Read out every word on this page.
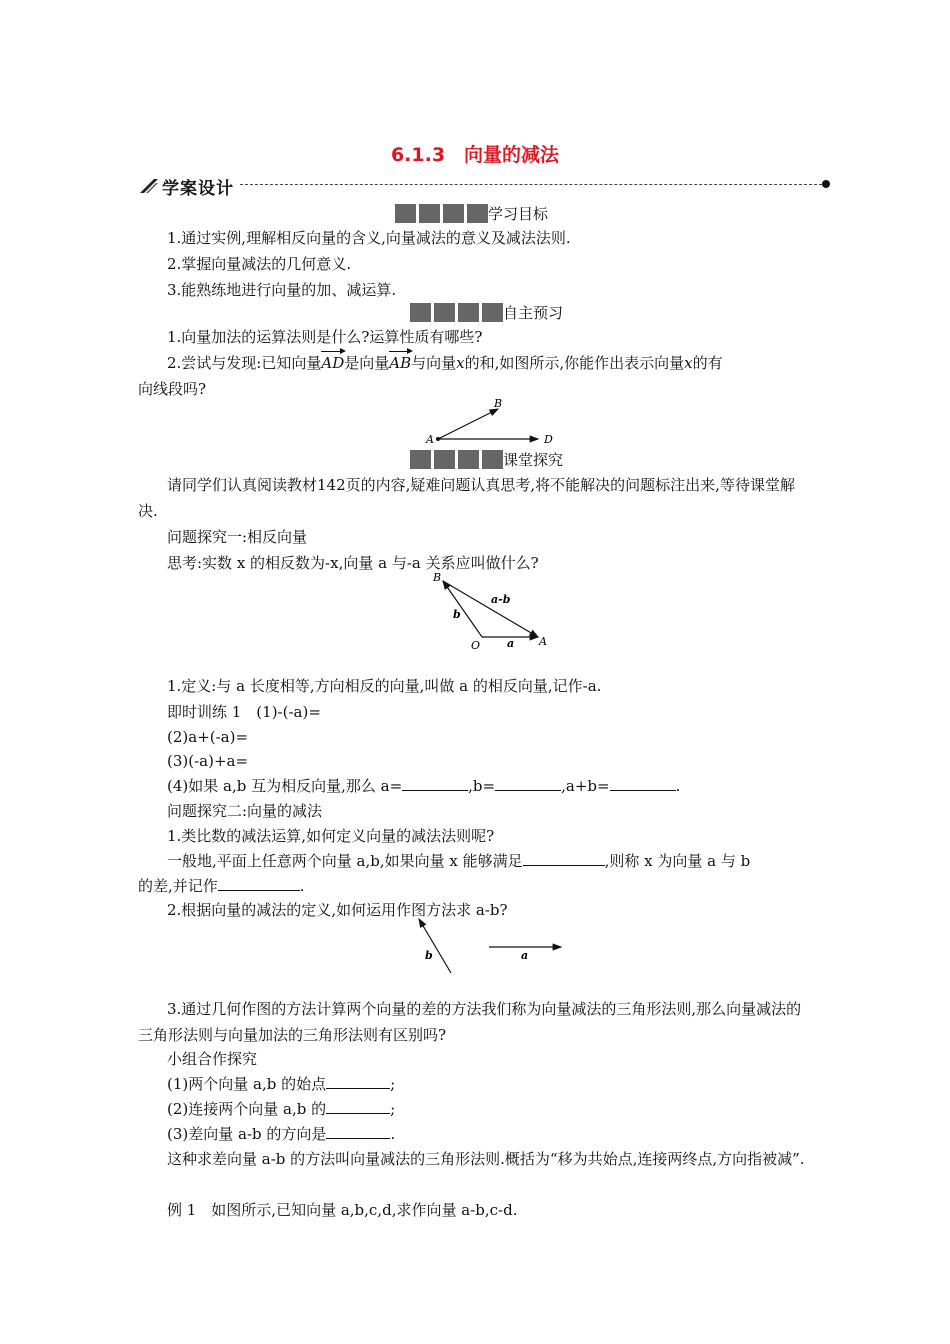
6.1.3　向量的减法
学案设计
学习目标
1.通过实例,理解相反向量的含义,向量减法的意义及减法法则.
2.掌握向量减法的几何意义.
3.能熟练地进行向量的加、减运算.
自主预习
1.向量加法的运算法则是什么?运算性质有哪些?
2.尝试与发现:已知向量AD是向量AB与向量x的和,如图所示,你能作出表示向量x的有
向线段吗?
A
B
D
课堂探究
请同学们认真阅读教材142页的内容,疑难问题认真思考,将不能解决的问题标注出来,等待课堂解决.
问题探究一:相反向量
思考:实数 x 的相反数为-x,向量 a 与-a 关系应叫做什么?
B
O	A
b
a
a-b
1.定义:与 a 长度相等,方向相反的向量,叫做 a 的相反向量,记作-a.
即时训练 1　(1)-(-a)=
(2)a+(-a)=
(3)(-a)+a=
(4)如果 a,b 互为相反向量,那么 a=	,b=	,a+b=	.
问题探究二:向量的减法
1.类比数的减法运算,如何定义向量的减法法则呢?
一般地,平面上任意两个向量 a,b,如果向量 x 能够满足	,则称 x 为向量 a 与 b
的差,并记作	.
2.根据向量的减法的定义,如何运用作图方法求 a-b?
b	a
3.通过几何作图的方法计算两个向量的差的方法我们称为向量减法的三角形法则,那么向量减法的三角形法则与向量加法的三角形法则有区别吗?
小组合作探究
(1)两个向量 a,b 的始点	;
(2)连接两个向量 a,b 的	;
(3)差向量 a-b 的方向是	.
这种求差向量 a-b 的方法叫向量减法的三角形法则.概括为“移为共始点,连接两终点,方向指被减”.
例 1　如图所示,已知向量 a,b,c,d,求作向量 a-b,c-d.
